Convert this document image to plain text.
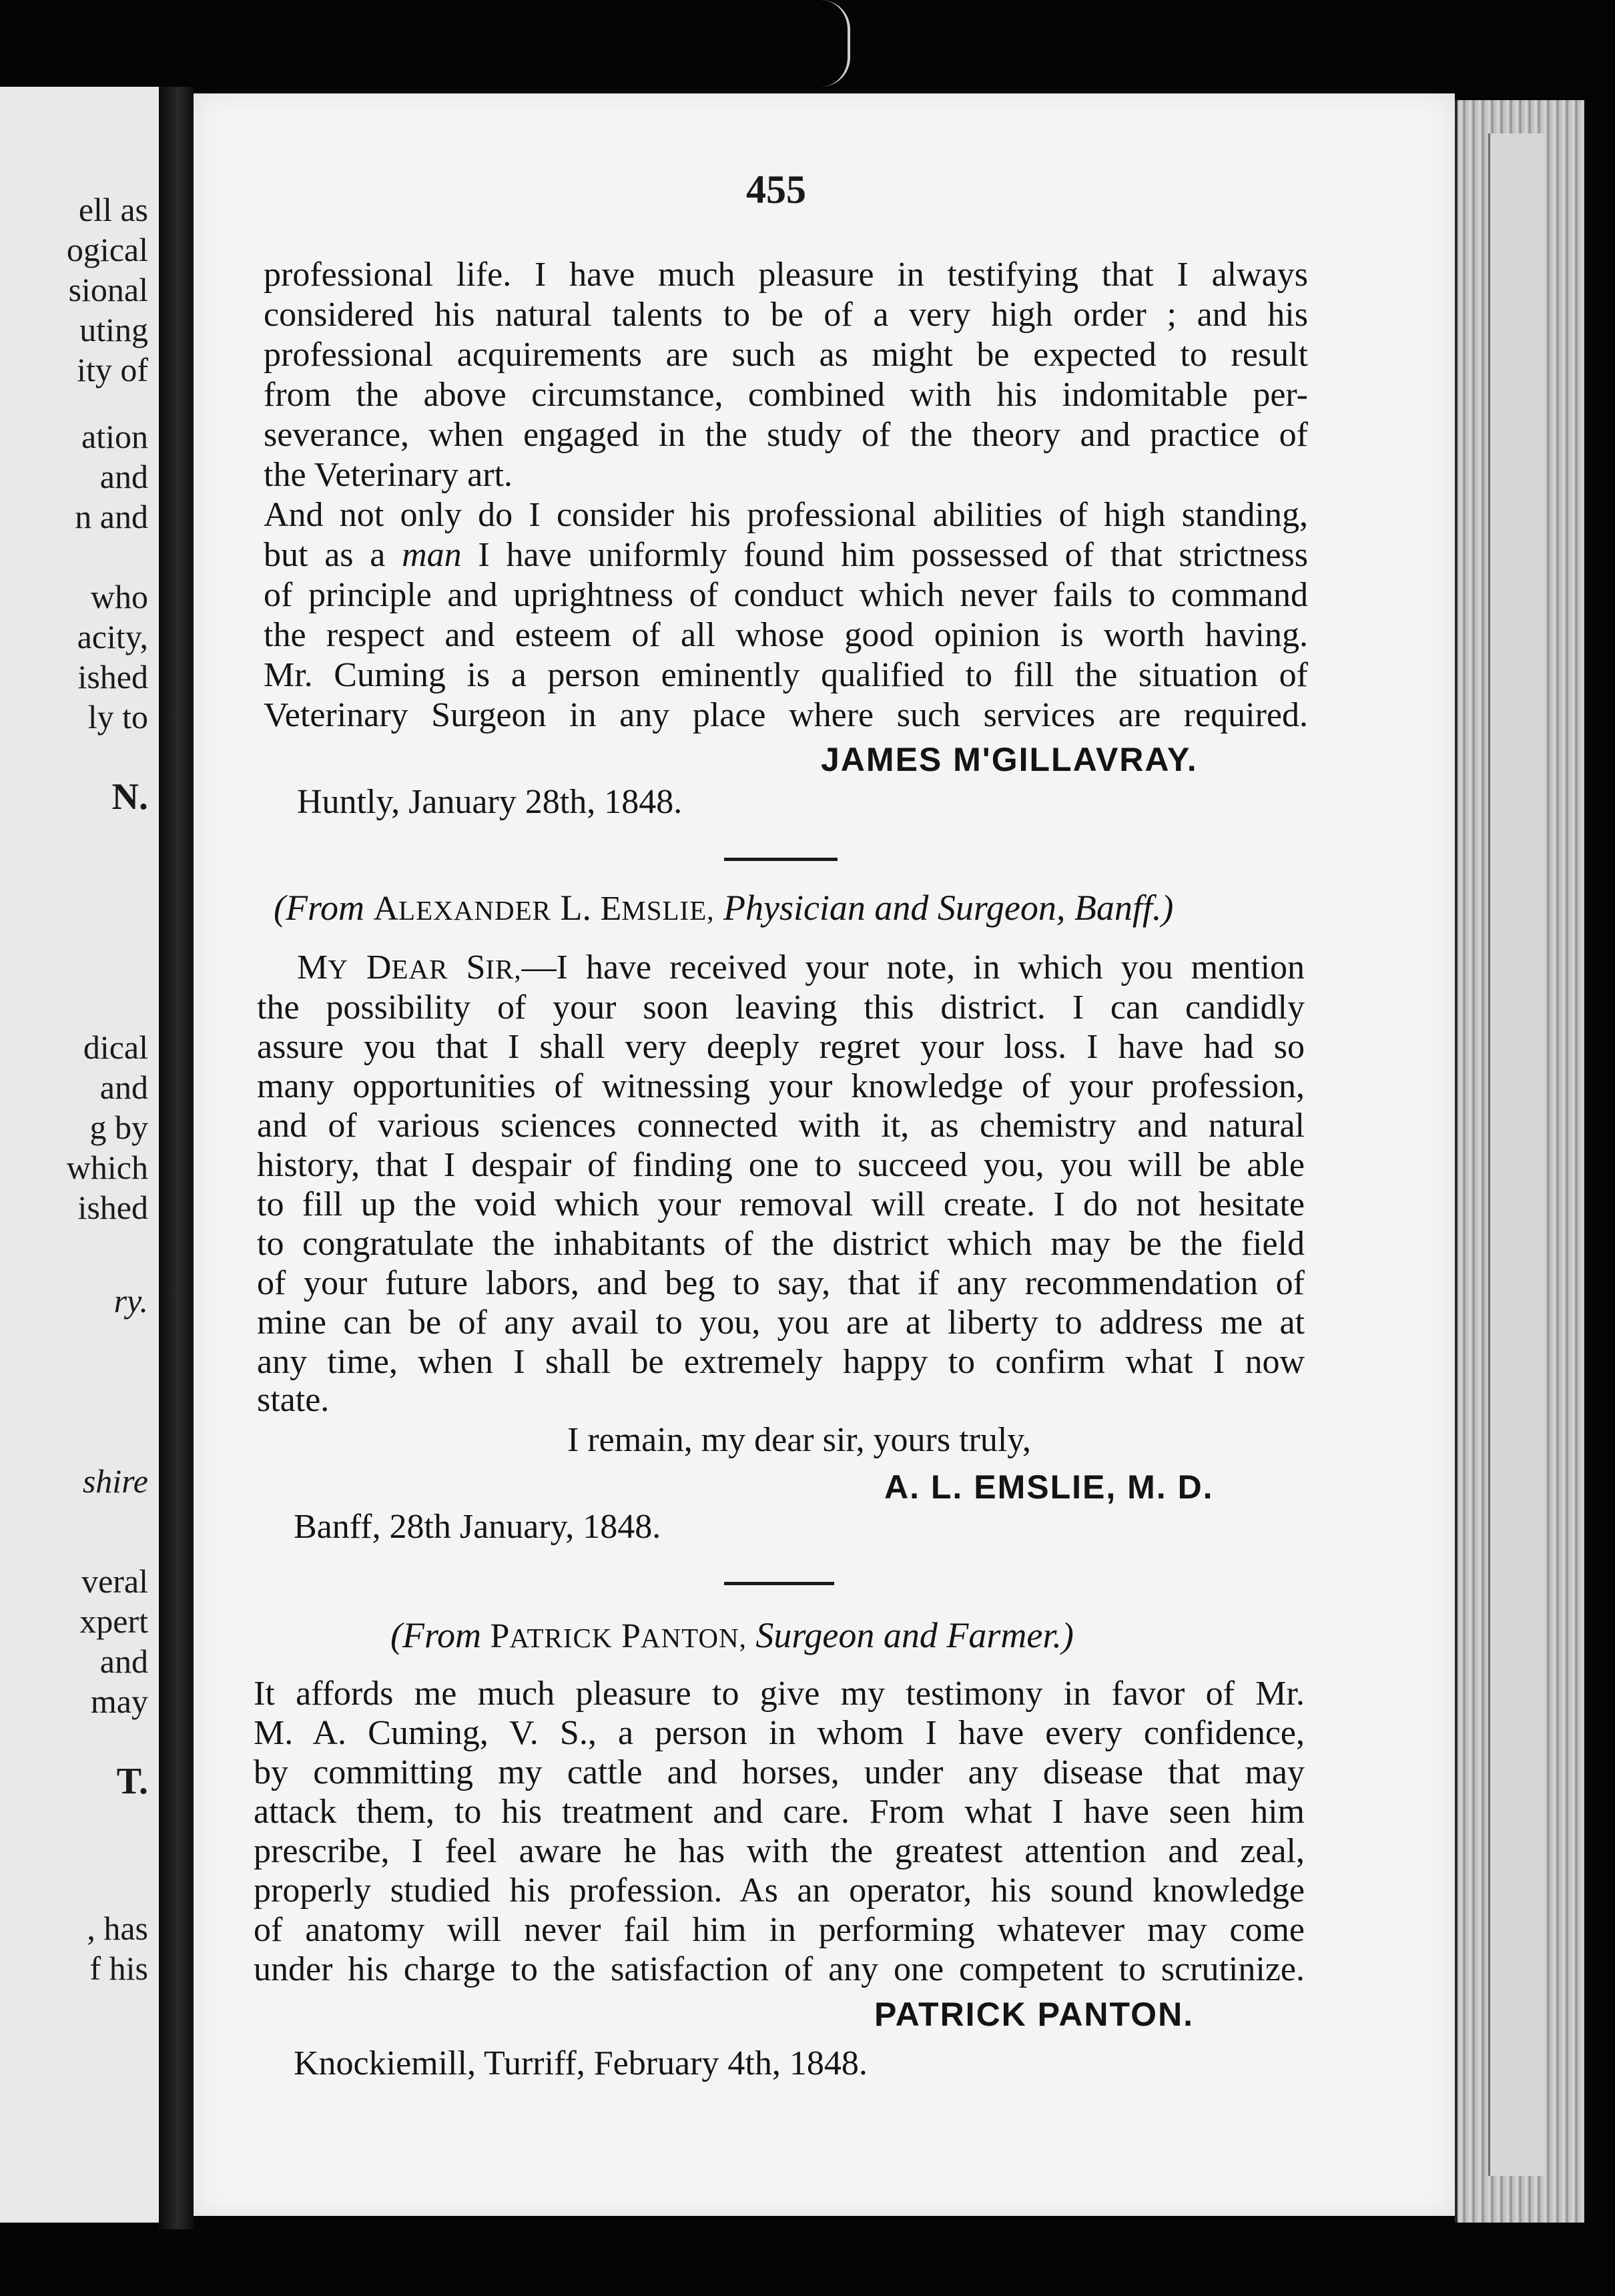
ell as
ogical
sional
uting
ity of
ation
and
n and
who
acity,
ished
ly to
N.
dical
and
g by
which
ished
ry.
shire
veral
xpert
and
may
T.
, has
f his
455
professional life. I have much pleasure in testifying that I always
considered his natural talents to be of a very high order ; and his
professional acquirements are such as might be expected to result
from the above circumstance, combined with his indomitable per-
severance, when engaged in the study of the theory and practice of
the Veterinary art.
And not only do I consider his professional abilities of high standing,
but as a man I have uniformly found him possessed of that strictness
of principle and uprightness of conduct which never fails to command
the respect and esteem of all whose good opinion is worth having.
Mr. Cuming is a person eminently qualified to fill the situation of
Veterinary Surgeon in any place where such services are required.
JAMES M'GILLAVRAY.
Huntly, January 28th, 1848.
(From ALEXANDER L. EMSLIE, Physician and Surgeon, Banff.)
MY DEAR SIR,—I have received your note, in which you mention
the possibility of your soon leaving this district. I can candidly
assure you that I shall very deeply regret your loss. I have had so
many opportunities of witnessing your knowledge of your profession,
and of various sciences connected with it, as chemistry and natural
history, that I despair of finding one to succeed you, you will be able
to fill up the void which your removal will create. I do not hesitate
to congratulate the inhabitants of the district which may be the field
of your future labors, and beg to say, that if any recommendation of
mine can be of any avail to you, you are at liberty to address me at
any time, when I shall be extremely happy to confirm what I now
state.
I remain, my dear sir, yours truly,
A. L. EMSLIE, M. D.
Banff, 28th January, 1848.
(From PATRICK PANTON, Surgeon and Farmer.)
It affords me much pleasure to give my testimony in favor of Mr.
M. A. Cuming, V. S., a person in whom I have every confidence,
by committing my cattle and horses, under any disease that may
attack them, to his treatment and care. From what I have seen him
prescribe, I feel aware he has with the greatest attention and zeal,
properly studied his profession. As an operator, his sound knowledge
of anatomy will never fail him in performing whatever may come
under his charge to the satisfaction of any one competent to scrutinize.
PATRICK PANTON.
Knockiemill, Turriff, February 4th, 1848.
